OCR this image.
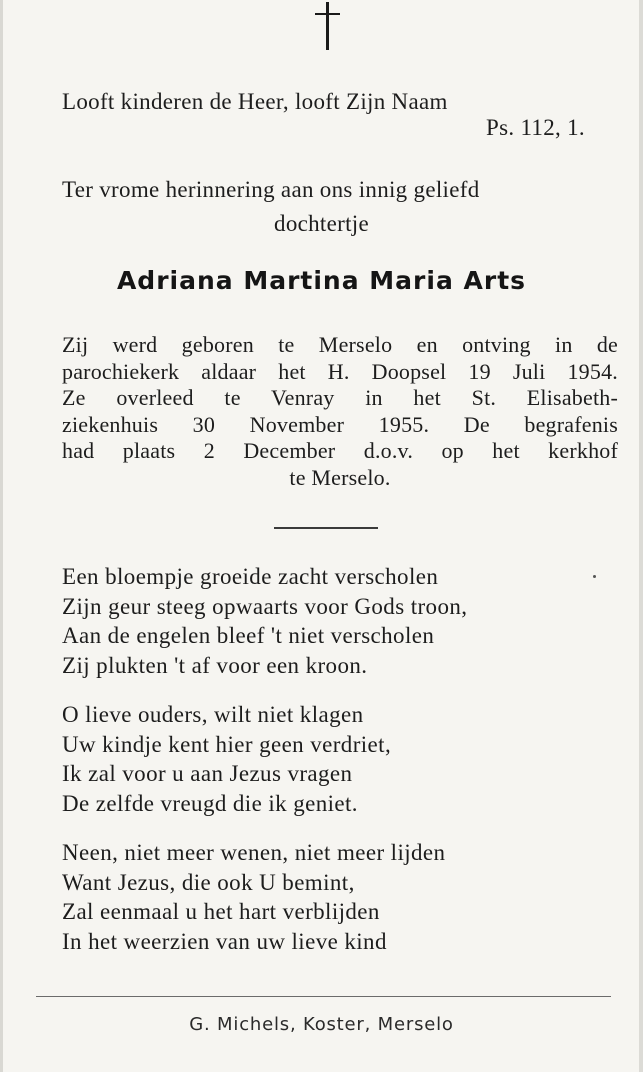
Looft kinderen de Heer, looft Zijn Naam

Ps. 112, 1.

Ter vrome herinnering aan ons innig geliefd

dochtertje

Adriana Martina Maria Arts
Zij werd geboren te Merselo en ontving in de
parochiekerk aldaar het H. Doopsel 19 Juli 1954.
Ze overleed te Venray in het St. Elisabeth-
ziekenhuis 30 November 1955. De begrafenis
had plaats 2 December d.o.v. op het kerkhof
te Merselo.
Een bloempje groeide zacht verscholen
Zijn geur steeg opwaarts voor Gods troon,
Aan de engelen bleef 't niet verscholen
Zij plukten 't af voor een kroon.
O lieve ouders, wilt niet klagen
Uw kindje kent hier geen verdriet,
Ik zal voor u aan Jezus vragen
De zelfde vreugd die ik geniet.
Neen, niet meer wenen, niet meer lijden
Want Jezus, die ook U bemint,
Zal eenmaal u het hart verblijden
In het weerzien van uw lieve kind

G. Michels, Koster, Merselo
